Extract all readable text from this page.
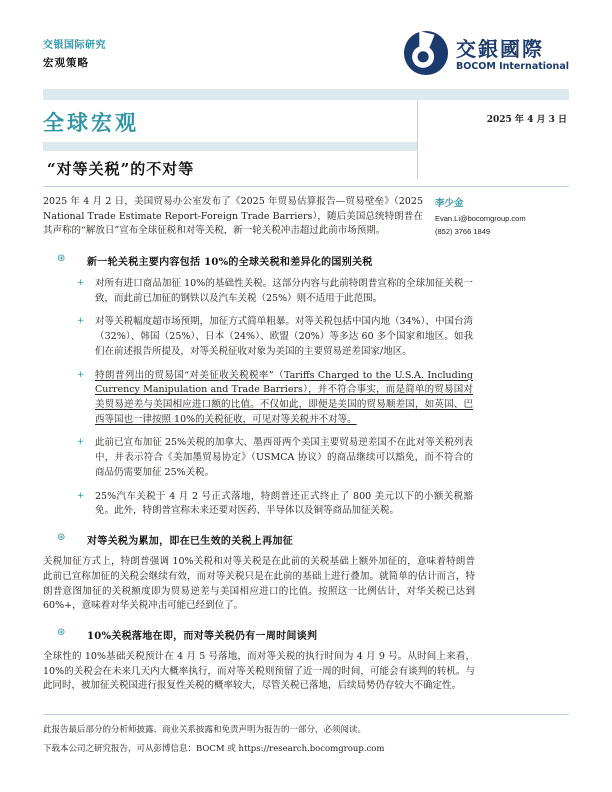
交银国际研究
宏观策略
交銀國際
BOCOM International
全球宏观
“对等关税”的不对等
2025 年 4 月 3 日
2025 年 4 月 2 日，美国贸易办公室发布了《2025 年贸易估算报告—贸易壁垒》（2025 National Trade Estimate Report-Foreign Trade Barriers），随后美国总统特朗普在其声称的“解放日”宣布全球征税和对等关税，新一轮关税冲击超过此前市场预期。
李少金
Evan.Li@bocomgroup.com
(852) 3766 1849
⊛	新一轮关税主要内容包括 10%的全球关税和差异化的国别关税
+	对所有进口商品加征 10%的基础性关税。这部分内容与此前特朗普宣称的全球加征关税一致，而此前已加征的钢铁以及汽车关税（25%）则不适用于此范围。
+	对等关税幅度超市场预期，加征方式简单粗暴。对等关税包括中国内地（34%）、中国台湾（32%）、韩国（25%）、日本（24%）、欧盟（20%）等多达 60 多个国家和地区。如我们在前述报告所提及，对等关税征收对象为美国的主要贸易逆差国家/地区。
+	特朗普列出的贸易国“对美征收关税税率”（Tariffs Charged to the U.S.A. Including Currency Manipulation and Trade Barriers），并不符合事实，而是简单的贸易国对美贸易逆差与美国相应进口额的比值。不仅如此，即便是美国的贸易顺差国，如英国、巴西等国也一律按照 10%的关税征收，可见对等关税并不对等。
+	此前已宣布加征 25%关税的加拿大、墨西哥两个美国主要贸易逆差国不在此对等关税列表中，并表示符合《美加墨贸易协定》（USMCA 协议）的商品继续可以豁免，而不符合的商品仍需要加征 25%关税。
+	25%汽车关税于 4 月 2 号正式落地，特朗普还正式终止了 800 美元以下的小额关税豁免。此外，特朗普宣称未来还要对医药、半导体以及铜等商品加征关税。
⊛	对等关税为累加，即在已生效的关税上再加征
关税加征方式上，特朗普强调 10%关税和对等关税是在此前的关税基础上额外加征的，意味着特朗普此前已宣称加征的关税会继续有效，而对等关税只是在此前的基础上进行叠加。就简单的估计而言，特朗普意图加征的关税额度即为贸易逆差与美国相应进口的比值。按照这一比例估计，对华关税已达到60%+，意味着对华关税冲击可能已经到位了。
⊛	10%关税落地在即，而对等关税仍有一周时间谈判
全球性的 10%基础关税预计在 4 月 5 号落地，而对等关税的执行时间为 4 月 9 号。从时间上来看，10%的关税会在未来几天内大概率执行，而对等关税则预留了近一周的时间，可能会有谈判的转机。与此同时，被加征关税国进行报复性关税的概率较大，尽管关税已落地，后续局势仍存较大不确定性。

此报告最后部分的分析师披露、商业关系披露和免责声明为报告的一部分，必须阅读。

下载本公司之研究报告，可从彭博信息：BOCM 或 https://research.bocomgroup.com
